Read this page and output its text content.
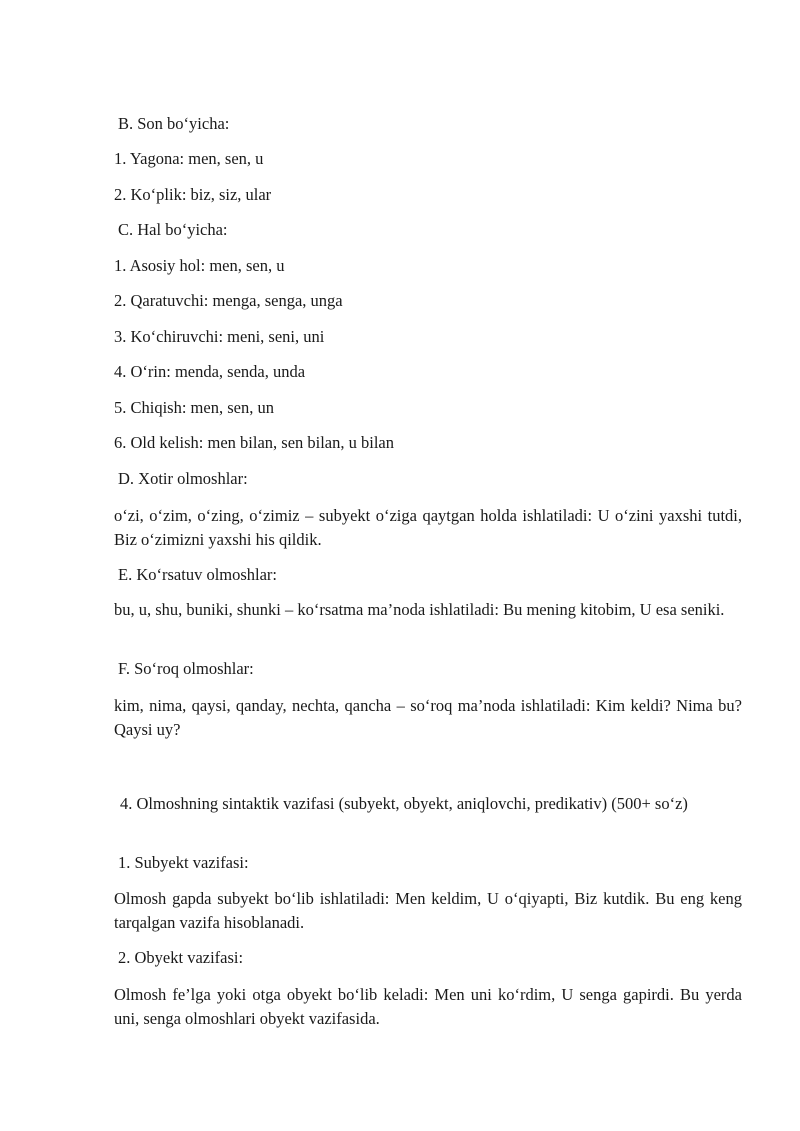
B. Son bo‘yicha:
1. Yagona: men, sen, u
2. Ko‘plik: biz, siz, ular
C. Hal bo‘yicha:
1. Asosiy hol: men, sen, u
2. Qaratuvchi: menga, senga, unga
3. Ko‘chiruvchi: meni, seni, uni
4. O‘rin: menda, senda, unda
5. Chiqish: men, sen, un
6. Old kelish: men bilan, sen bilan, u bilan
D. Xotir olmoshlar:
o‘zi, o‘zim, o‘zing, o‘zimiz – subyekt o‘ziga qaytgan holda ishlatiladi: U o‘zini yaxshi tutdi, Biz o‘zimizni yaxshi his qildik.
E. Ko‘rsatuv olmoshlar:
bu, u, shu, buniki, shunki – ko‘rsatma ma’noda ishlatiladi: Bu mening kitobim, U esa seniki.
F. So‘roq olmoshlar:
kim, nima, qaysi, qanday, nechta, qancha – so‘roq ma’noda ishlatiladi: Kim keldi? Nima bu? Qaysi uy?
4. Olmoshning sintaktik vazifasi (subyekt, obyekt, aniqlovchi, predikativ) (500+ so‘z)
1. Subyekt vazifasi:
Olmosh gapda subyekt bo‘lib ishlatiladi: Men keldim, U o‘qiyapti, Biz kutdik. Bu eng keng tarqalgan vazifa hisoblanadi.
2. Obyekt vazifasi:
Olmosh fe’lga yoki otga obyekt bo‘lib keladi: Men uni ko‘rdim, U senga gapirdi. Bu yerda uni, senga olmoshlari obyekt vazifasida.
